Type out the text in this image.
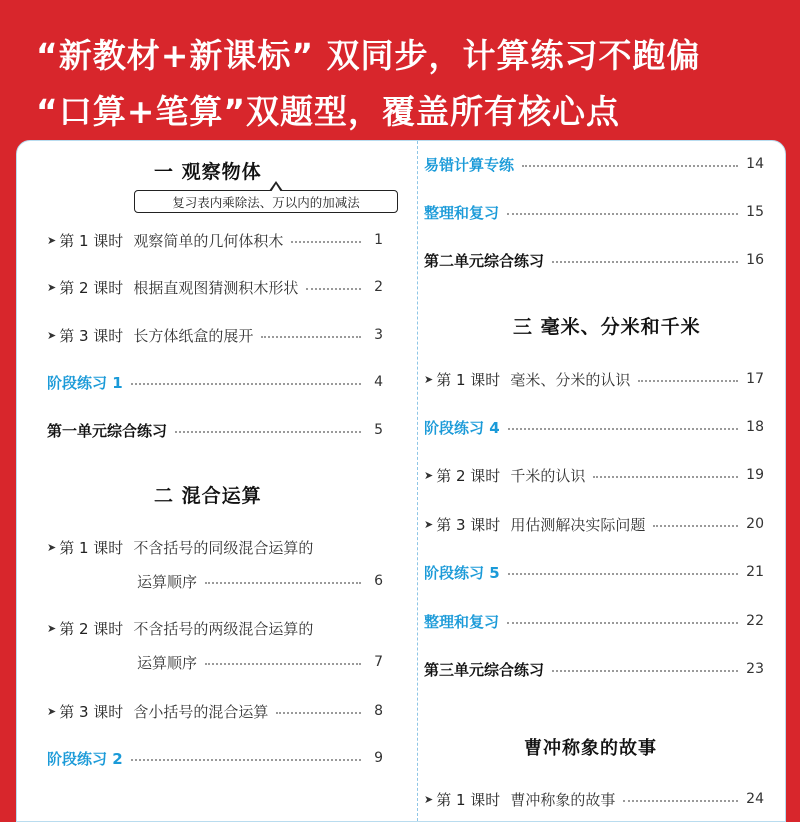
“新教材+新课标” 双同步，计算练习不跑偏
“口算+笔算”双题型，覆盖所有核心点
一 观察物体
复习表内乘除法、万以内的加减法
➤ 第 1 课时 观察简单的几何体积木	1
➤ 第 2 课时 根据直观图猜测积木形状	2
➤ 第 3 课时 长方体纸盒的展开	3
阶段练习 1	4
第一单元综合练习	5
二 混合运算
➤ 第 1 课时 不含括号的同级混合运算的
运算顺序	6
➤ 第 2 课时 不含括号的两级混合运算的
运算顺序	7
➤ 第 3 课时 含小括号的混合运算	8
阶段练习 2	9
易错计算专练	14
整理和复习	15
第二单元综合练习	16
三 毫米、分米和千米
➤ 第 1 课时 毫米、分米的认识	17
阶段练习 4	18
➤ 第 2 课时 千米的认识	19
➤ 第 3 课时 用估测解决实际问题	20
阶段练习 5	21
整理和复习	22
第三单元综合练习	23
曹冲称象的故事
➤ 第 1 课时 曹冲称象的故事	24
